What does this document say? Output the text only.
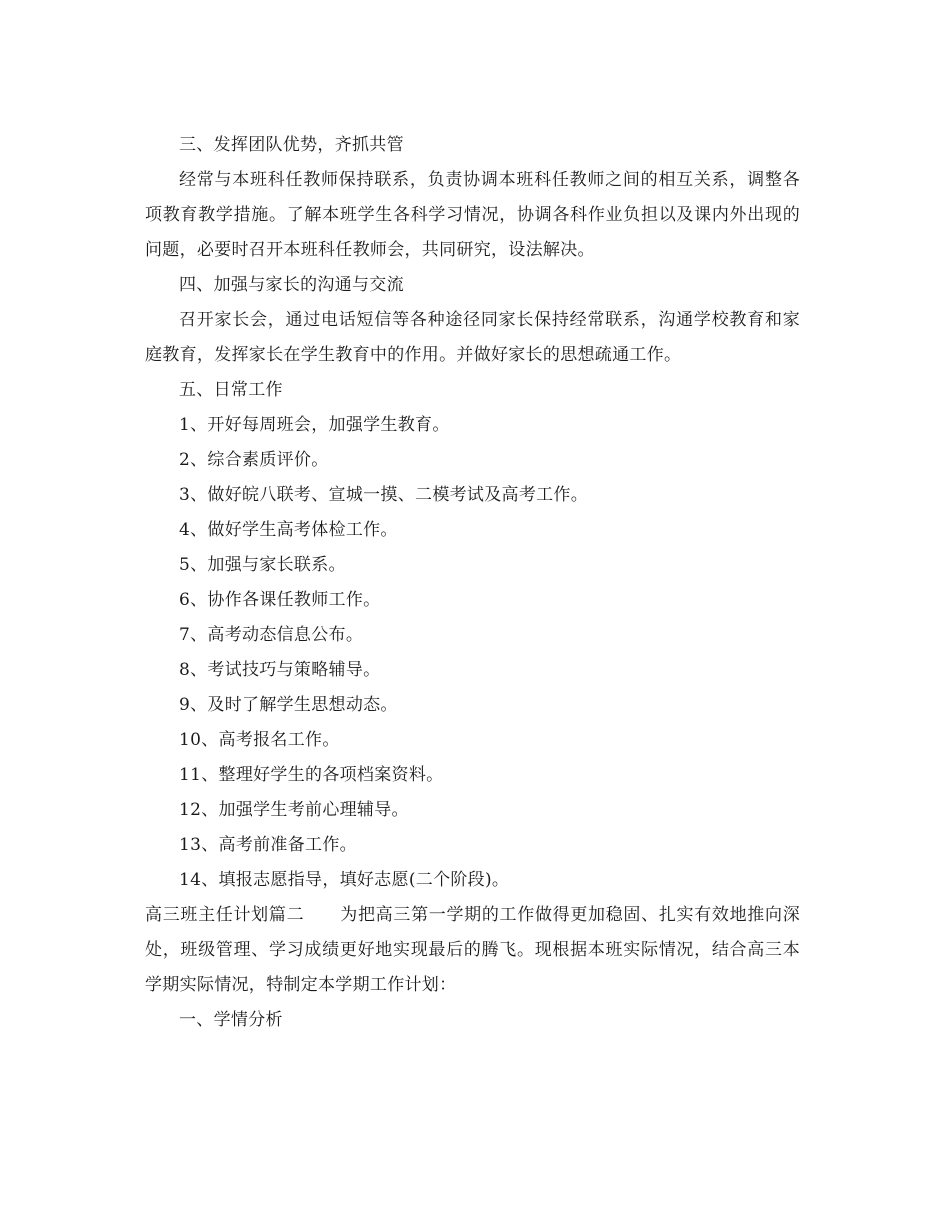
三、发挥团队优势，齐抓共管

经常与本班科任教师保持联系，负责协调本班科任教师之间的相互关系，调整各项教育教学措施。了解本班学生各科学习情况，协调各科作业负担以及课内外出现的问题，必要时召开本班科任教师会，共同研究，设法解决。

四、加强与家长的沟通与交流

召开家长会，通过电话短信等各种途径同家长保持经常联系，沟通学校教育和家庭教育，发挥家长在学生教育中的作用。并做好家长的思想疏通工作。

五、日常工作

1、开好每周班会，加强学生教育。

2、综合素质评价。

3、做好皖八联考、宣城一摸、二模考试及高考工作。

4、做好学生高考体检工作。

5、加强与家长联系。

6、协作各课任教师工作。

7、高考动态信息公布。

8、考试技巧与策略辅导。

9、及时了解学生思想动态。

10、高考报名工作。

11、整理好学生的各项档案资料。

12、加强学生考前心理辅导。

13、高考前准备工作。

14、填报志愿指导，填好志愿(二个阶段)。

高三班主任计划篇二 为把高三第一学期的工作做得更加稳固、扎实有效地推向深处，班级管理、学习成绩更好地实现最后的腾飞。现根据本班实际情况，结合高三本学期实际情况，特制定本学期工作计划：

一、学情分析
